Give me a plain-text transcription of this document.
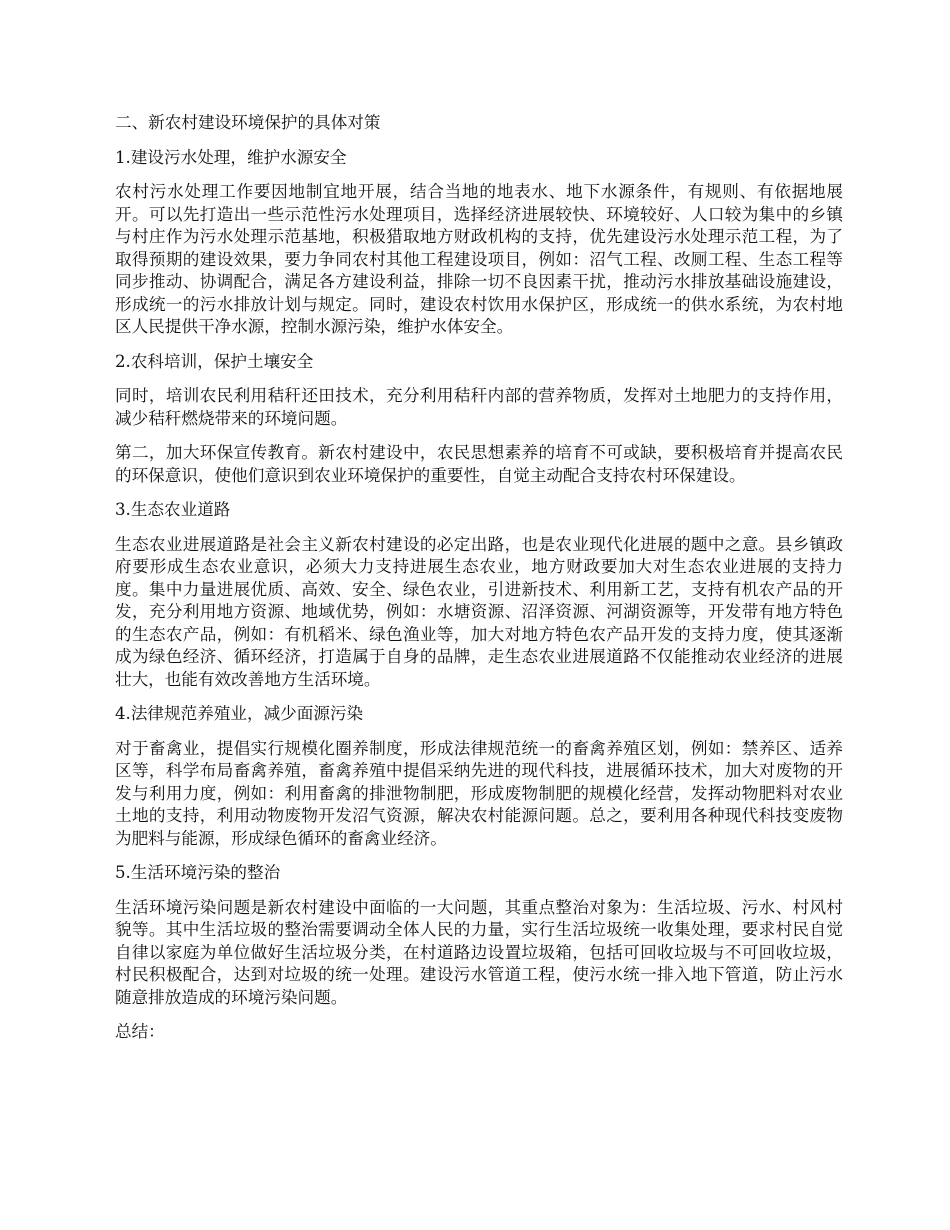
二、新农村建设环境保护的具体对策
1.建设污水处理，维护水源安全
农村污水处理工作要因地制宜地开展，结合当地的地表水、地下水源条件，有规则、有依据地展开。可以先打造出一些示范性污水处理项目，选择经济进展较快、环境较好、人口较为集中的乡镇与村庄作为污水处理示范基地，积极猎取地方财政机构的支持，优先建设污水处理示范工程，为了取得预期的建设效果，要力争同农村其他工程建设项目，例如：沼气工程、改厕工程、生态工程等同步推动、协调配合，满足各方建设利益，排除一切不良因素干扰，推动污水排放基础设施建设，形成统一的污水排放计划与规定。同时，建设农村饮用水保护区，形成统一的供水系统，为农村地区人民提供干净水源，控制水源污染，维护水体安全。
2.农科培训，保护土壤安全
同时，培训农民利用秸秆还田技术，充分利用秸秆内部的营养物质，发挥对土地肥力的支持作用，减少秸秆燃烧带来的环境问题。
第二，加大环保宣传教育。新农村建设中，农民思想素养的培育不可或缺，要积极培育并提高农民的环保意识，使他们意识到农业环境保护的重要性，自觉主动配合支持农村环保建设。
3.生态农业道路
生态农业进展道路是社会主义新农村建设的必定出路，也是农业现代化进展的题中之意。县乡镇政府要形成生态农业意识，必须大力支持进展生态农业，地方财政要加大对生态农业进展的支持力度。集中力量进展优质、高效、安全、绿色农业，引进新技术、利用新工艺，支持有机农产品的开发，充分利用地方资源、地域优势，例如：水塘资源、沼泽资源、河湖资源等，开发带有地方特色的生态农产品，例如：有机稻米、绿色渔业等，加大对地方特色农产品开发的支持力度，使其逐渐成为绿色经济、循环经济，打造属于自身的品牌，走生态农业进展道路不仅能推动农业经济的进展壮大，也能有效改善地方生活环境。
4.法律规范养殖业，减少面源污染
对于畜禽业，提倡实行规模化圈养制度，形成法律规范统一的畜禽养殖区划，例如：禁养区、适养区等，科学布局畜禽养殖，畜禽养殖中提倡采纳先进的现代科技，进展循环技术，加大对废物的开发与利用力度，例如：利用畜禽的排泄物制肥，形成废物制肥的规模化经营，发挥动物肥料对农业土地的支持，利用动物废物开发沼气资源，解决农村能源问题。总之，要利用各种现代科技变废物为肥料与能源，形成绿色循环的畜禽业经济。
5.生活环境污染的整治
生活环境污染问题是新农村建设中面临的一大问题，其重点整治对象为：生活垃圾、污水、村风村貌等。其中生活垃圾的整治需要调动全体人民的力量，实行生活垃圾统一收集处理，要求村民自觉自律以家庭为单位做好生活垃圾分类，在村道路边设置垃圾箱，包括可回收垃圾与不可回收垃圾，村民积极配合，达到对垃圾的统一处理。建设污水管道工程，使污水统一排入地下管道，防止污水随意排放造成的环境污染问题。
总结：
